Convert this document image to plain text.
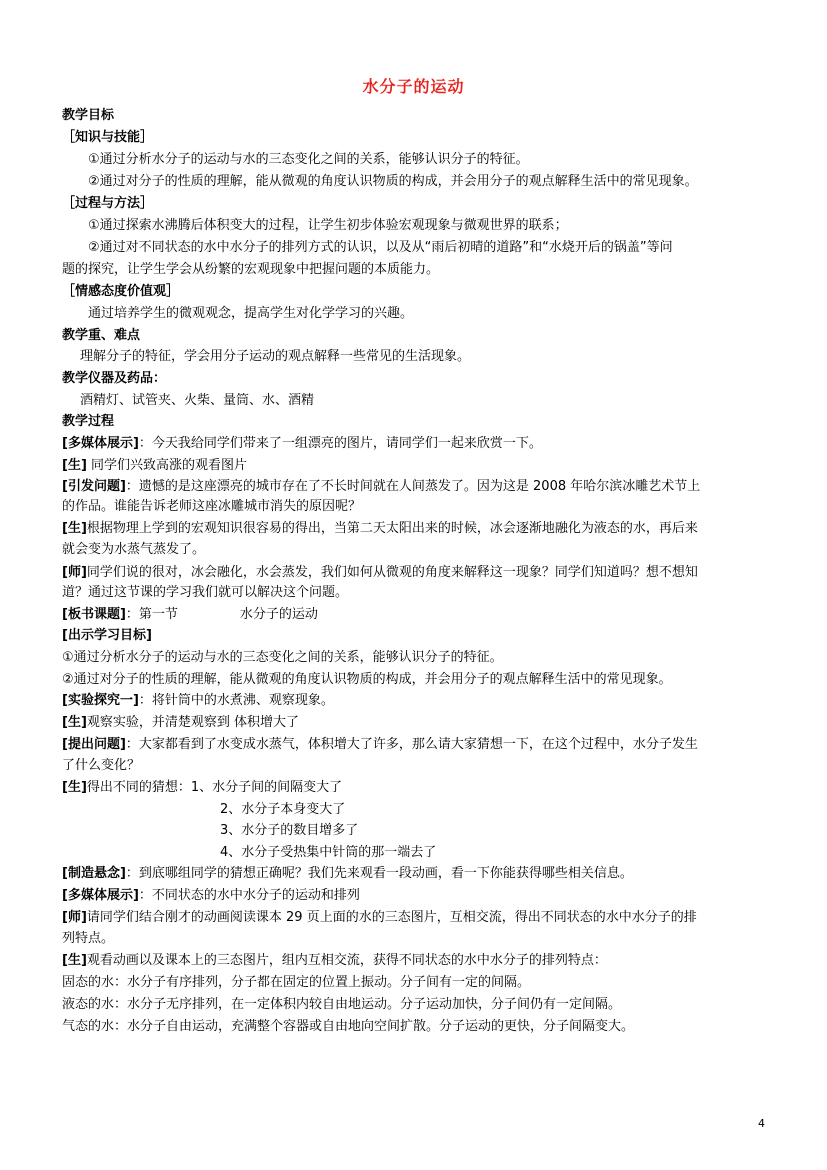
水分子的运动
教学目标
［知识与技能］
①通过分析水分子的运动与水的三态变化之间的关系，能够认识分子的特征。
②通过对分子的性质的理解，能从微观的角度认识物质的构成，并会用分子的观点解释生活中的常见现象。
［过程与方法］
①通过探索水沸腾后体积变大的过程，让学生初步体验宏观现象与微观世界的联系；
②通过对不同状态的水中水分子的排列方式的认识，以及从“雨后初晴的道路”和“水烧开后的锅盖”等问
题的探究，让学生学会从纷繁的宏观现象中把握问题的本质能力。
［情感态度价值观］
通过培养学生的微观观念，提高学生对化学学习的兴趣。
教学重、难点
理解分子的特征，学会用分子运动的观点解释一些常见的生活现象。
教学仪器及药品：
酒精灯、试管夹、火柴、量筒、水、酒精
教学过程
[多媒体展示]：今天我给同学们带来了一组漂亮的图片，请同学们一起来欣赏一下。
[生] 同学们兴致高涨的观看图片
[引发问题]：遗憾的是这座漂亮的城市存在了不长时间就在人间蒸发了。因为这是 2008 年哈尔滨冰雕艺术节上
的作品。谁能告诉老师这座冰雕城市消失的原因呢？
[生]根据物理上学到的宏观知识很容易的得出，当第二天太阳出来的时候，冰会逐渐地融化为液态的水，再后来
就会变为水蒸气蒸发了。
[师]同学们说的很对，冰会融化，水会蒸发，我们如何从微观的角度来解释这一现象？同学们知道吗？想不想知
道？通过这节课的学习我们就可以解决这个问题。
[板书课题]：第一节	水分子的运动
[出示学习目标]
①通过分析水分子的运动与水的三态变化之间的关系，能够认识分子的特征。
②通过对分子的性质的理解，能从微观的角度认识物质的构成，并会用分子的观点解释生活中的常见现象。
[实验探究一]：将针筒中的水煮沸、观察现象。
[生]观察实验，并清楚观察到 体积增大了
[提出问题]：大家都看到了水变成水蒸气，体积增大了许多，那么请大家猜想一下，在这个过程中，水分子发生
了什么变化？
[生]得出不同的猜想：1、水分子间的间隔变大了
2、水分子本身变大了
3、水分子的数目增多了
4、水分子受热集中针筒的那一端去了
[制造悬念]：到底哪组同学的猜想正确呢？我们先来观看一段动画，看一下你能获得哪些相关信息。
[多媒体展示]：不同状态的水中水分子的运动和排列
[师]请同学们结合刚才的动画阅读课本 29 页上面的水的三态图片，互相交流，得出不同状态的水中水分子的排
列特点。
[生]观看动画以及课本上的三态图片，组内互相交流，获得不同状态的水中水分子的排列特点：
固态的水：水分子有序排列，分子都在固定的位置上振动。分子间有一定的间隔。
液态的水：水分子无序排列，在一定体积内较自由地运动。分子运动加快，分子间仍有一定间隔。
气态的水：水分子自由运动，充满整个容器或自由地向空间扩散。分子运动的更快，分子间隔变大。
4
